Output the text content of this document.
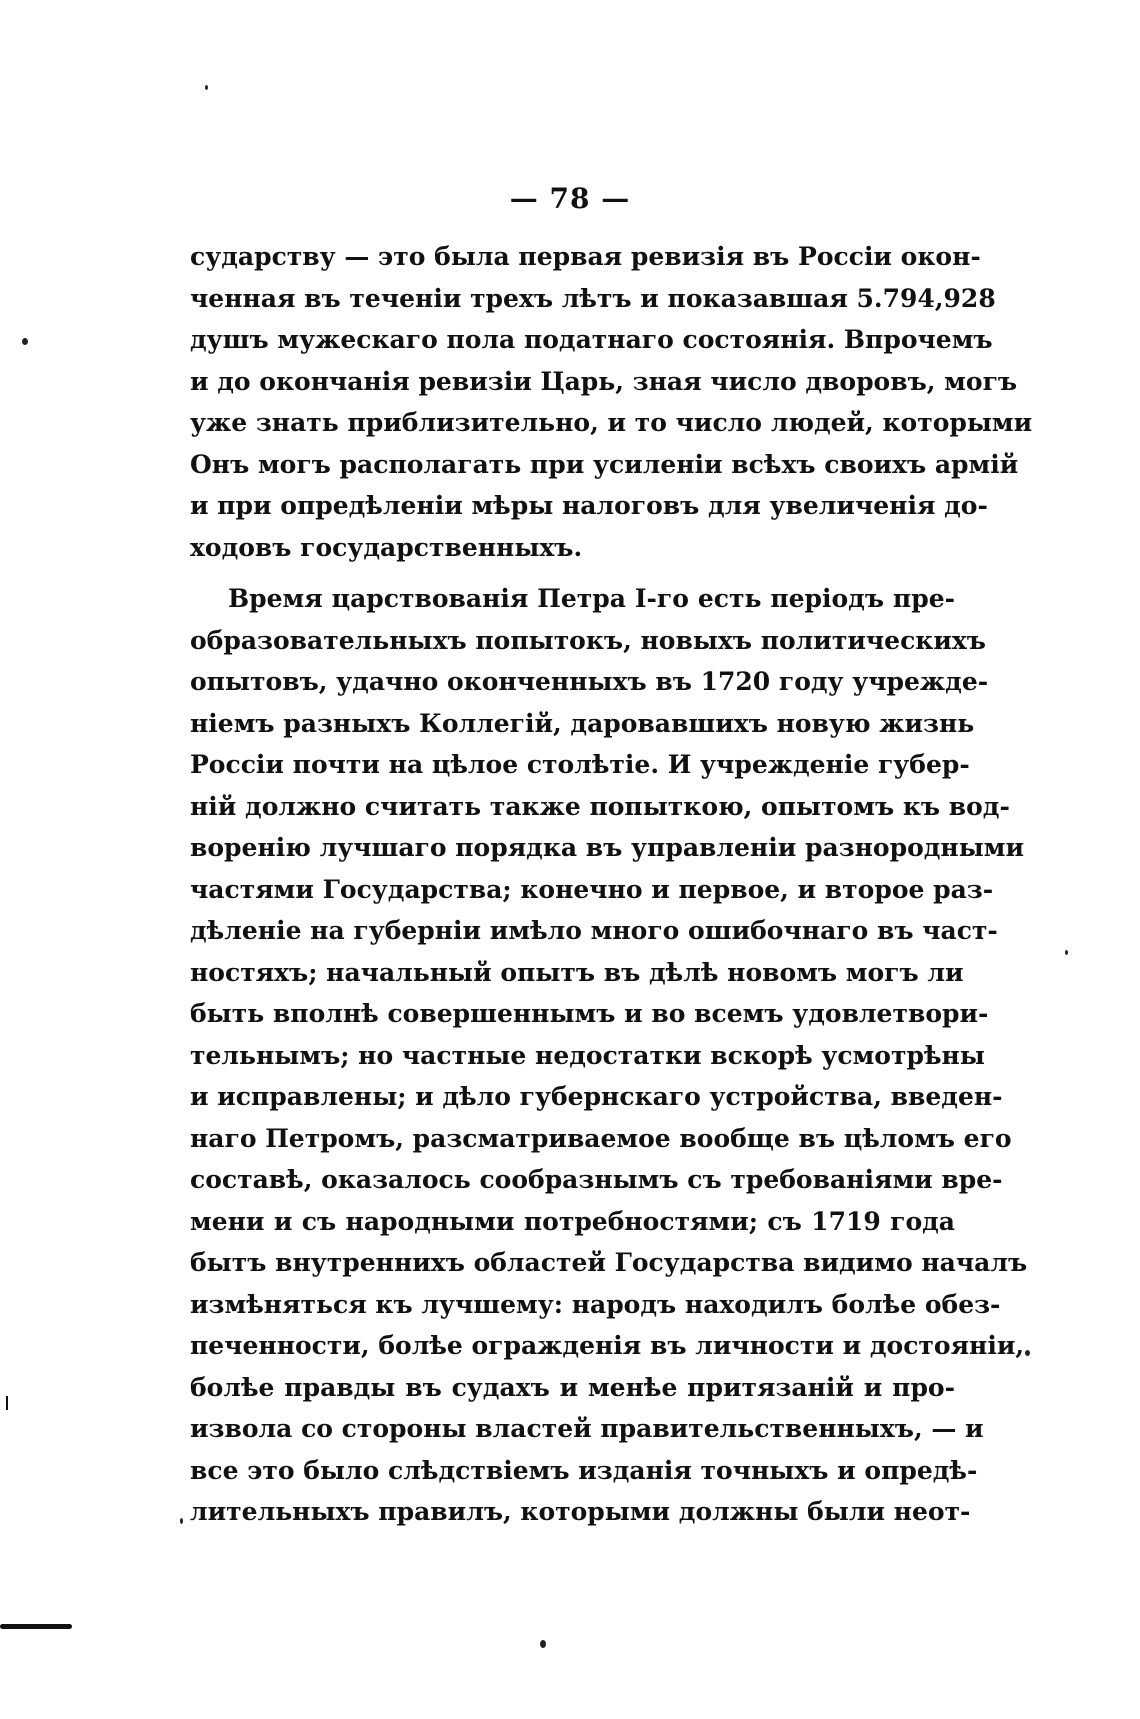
— 78 —
сударству — это была первая ревизія въ Россіи окон-
ченная въ теченіи трехъ лѣтъ и показавшая 5.794,928
душъ мужескаго пола податнаго состоянія. Впрочемъ
и до окончанія ревизіи Царь, зная число дворовъ, могъ
уже знать приблизительно, и то число людей, которыми
Онъ могъ располагать при усиленіи всѣхъ своихъ армій
и при опредѣленіи мѣры налоговъ для увеличенія до-
ходовъ государственныхъ.
Время царствованія Петра I-го есть періодъ пре-
образовательныхъ попытокъ, новыхъ политическихъ
опытовъ, удачно оконченныхъ въ 1720 году учрежде-
ніемъ разныхъ Коллегій, даровавшихъ новую жизнь
Россіи почти на цѣлое столѣтіе. И учрежденіе губер-
ній должно считать также попыткою, опытомъ къ вод-
воренію лучшаго порядка въ управленіи разнородными
частями Государства; конечно и первое, и второе раз-
дѣленіе на губерніи имѣло много ошибочнаго въ част-
ностяхъ; начальный опытъ въ дѣлѣ новомъ могъ ли
быть вполнѣ совершеннымъ и во всемъ удовлетвори-
тельнымъ; но частные недостатки вскорѣ усмотрѣны
и исправлены; и дѣло губернскаго устройства, введен-
наго Петромъ, разсматриваемое вообще въ цѣломъ его
составѣ, оказалось сообразнымъ съ требованіями вре-
мени и съ народными потребностями; съ 1719 года
бытъ внутреннихъ областей Государства видимо началъ
измѣняться къ лучшему: народъ находилъ болѣе обез-
печенности, болѣе огражденія въ личности и достояніи,
болѣе правды въ судахъ и менѣе притязаній и про-
извола со стороны властей правительственныхъ, — и
все это было слѣдствіемъ изданія точныхъ и опредѣ-
лительныхъ правилъ, которыми должны были неот-
